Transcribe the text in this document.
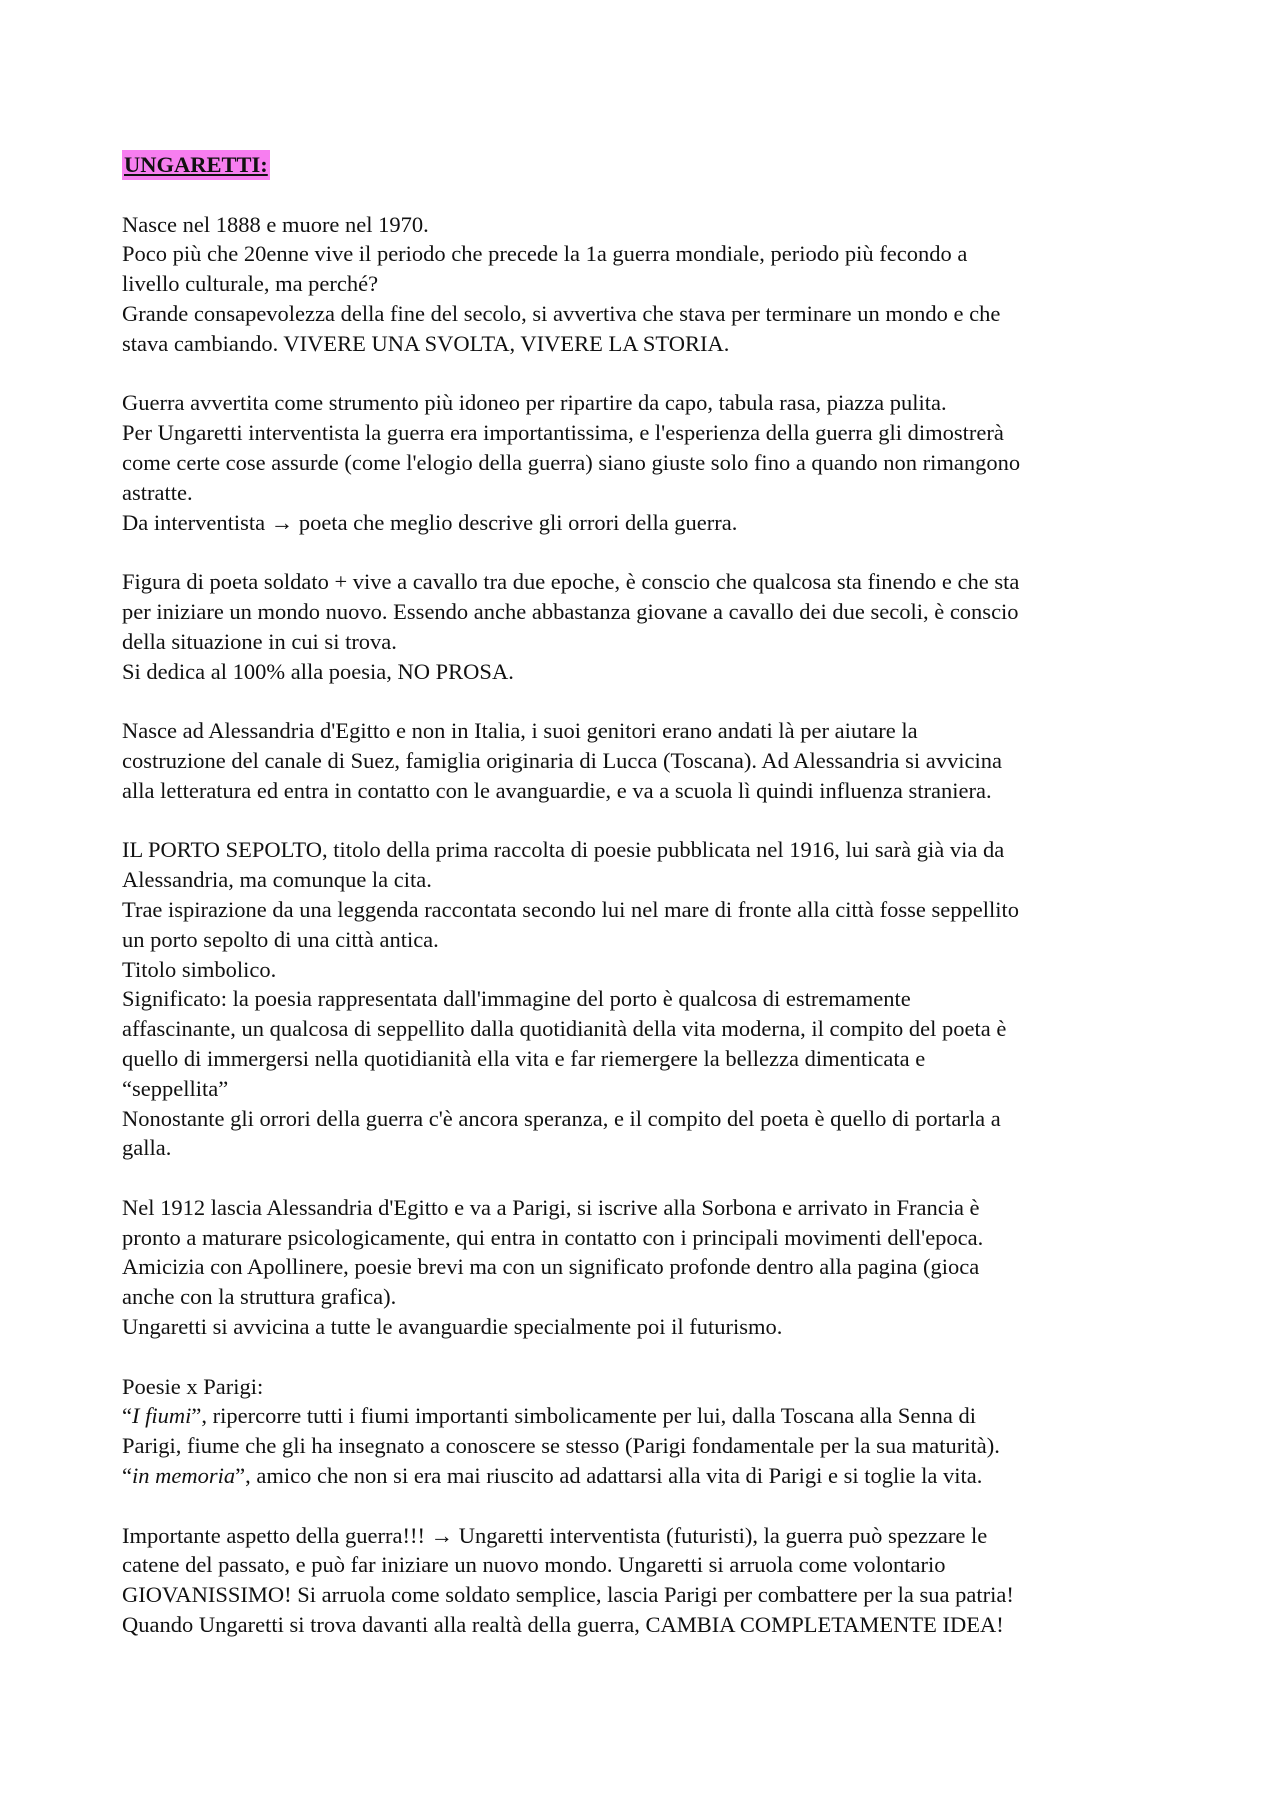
UNGARETTI:
Nasce nel 1888 e muore nel 1970.
Poco più che 20enne vive il periodo che precede la 1a guerra mondiale, periodo più fecondo a
livello culturale, ma perché?
Grande consapevolezza della fine del secolo, si avvertiva che stava per terminare un mondo e che
stava cambiando. VIVERE UNA SVOLTA, VIVERE LA STORIA.
Guerra avvertita come strumento più idoneo per ripartire da capo, tabula rasa, piazza pulita.
Per Ungaretti interventista la guerra era importantissima, e l'esperienza della guerra gli dimostrerà
come certe cose assurde (come l'elogio della guerra) siano giuste solo fino a quando non rimangono
astratte.
Da interventista → poeta che meglio descrive gli orrori della guerra.
Figura di poeta soldato + vive a cavallo tra due epoche, è conscio che qualcosa sta finendo e che sta
per iniziare un mondo nuovo. Essendo anche abbastanza giovane a cavallo dei due secoli, è conscio
della situazione in cui si trova.
Si dedica al 100% alla poesia, NO PROSA.
Nasce ad Alessandria d'Egitto e non in Italia, i suoi genitori erano andati là per aiutare la
costruzione del canale di Suez, famiglia originaria di Lucca (Toscana). Ad Alessandria si avvicina
alla letteratura ed entra in contatto con le avanguardie, e va a scuola lì quindi influenza straniera.
IL PORTO SEPOLTO, titolo della prima raccolta di poesie pubblicata nel 1916, lui sarà già via da
Alessandria, ma comunque la cita.
Trae ispirazione da una leggenda raccontata secondo lui nel mare di fronte alla città fosse seppellito
un porto sepolto di una città antica.
Titolo simbolico.
Significato: la poesia rappresentata dall'immagine del porto è qualcosa di estremamente
affascinante, un qualcosa di seppellito dalla quotidianità della vita moderna, il compito del poeta è
quello di immergersi nella quotidianità ella vita e far riemergere la bellezza dimenticata e
“seppellita”
Nonostante gli orrori della guerra c'è ancora speranza, e il compito del poeta è quello di portarla a
galla.
Nel 1912 lascia Alessandria d'Egitto e va a Parigi, si iscrive alla Sorbona e arrivato in Francia è
pronto a maturare psicologicamente, qui entra in contatto con i principali movimenti dell'epoca.
Amicizia con Apollinere, poesie brevi ma con un significato profonde dentro alla pagina (gioca
anche con la struttura grafica).
Ungaretti si avvicina a tutte le avanguardie specialmente poi il futurismo.
Poesie x Parigi:
“I fiumi”, ripercorre tutti i fiumi importanti simbolicamente per lui, dalla Toscana alla Senna di
Parigi, fiume che gli ha insegnato a conoscere se stesso (Parigi fondamentale per la sua maturità).
“in memoria”, amico che non si era mai riuscito ad adattarsi alla vita di Parigi e si toglie la vita.
Importante aspetto della guerra!!! → Ungaretti interventista (futuristi), la guerra può spezzare le
catene del passato, e può far iniziare un nuovo mondo. Ungaretti si arruola come volontario
GIOVANISSIMO! Si arruola come soldato semplice, lascia Parigi per combattere per la sua patria!
Quando Ungaretti si trova davanti alla realtà della guerra, CAMBIA COMPLETAMENTE IDEA!
